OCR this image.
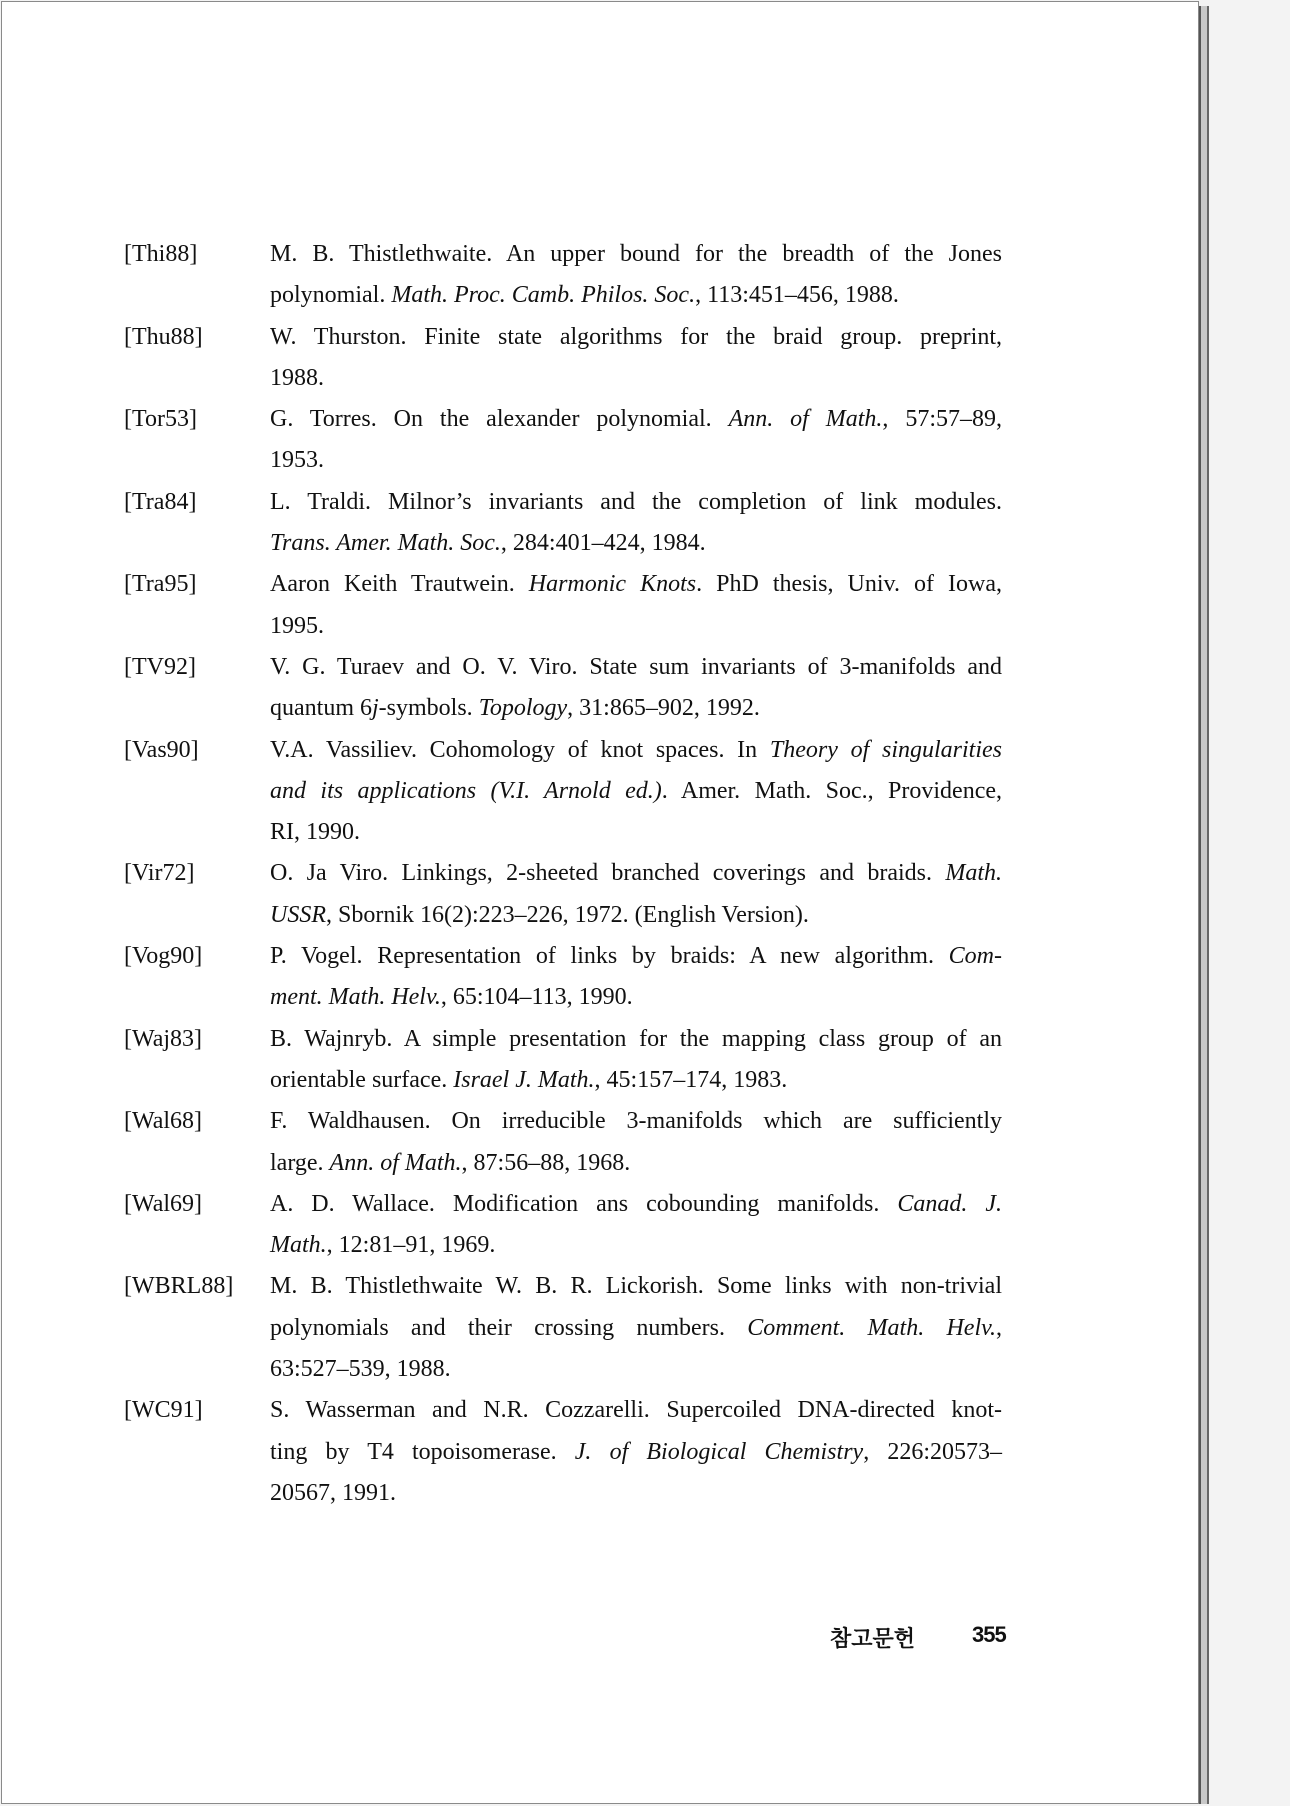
[Thi88]	M. B. Thistlethwaite. An upper bound for the breadth of the Jones
polynomial. Math. Proc. Camb. Philos. Soc., 113:451–456, 1988.
[Thu88]	W. Thurston. Finite state algorithms for the braid group. preprint,
1988.
[Tor53]	G. Torres. On the alexander polynomial. Ann. of Math., 57:57–89,
1953.
[Tra84]	L. Traldi. Milnor’s invariants and the completion of link modules.
Trans. Amer. Math. Soc., 284:401–424, 1984.
[Tra95]	Aaron Keith Trautwein. Harmonic Knots. PhD thesis, Univ. of Iowa,
1995.
[TV92]	V. G. Turaev and O. V. Viro. State sum invariants of 3-manifolds and
quantum 6j-symbols. Topology, 31:865–902, 1992.
[Vas90]	V.A. Vassiliev. Cohomology of knot spaces. In Theory of singularities
and its applications (V.I. Arnold ed.). Amer. Math. Soc., Providence,
RI, 1990.
[Vir72]	O. Ja Viro. Linkings, 2-sheeted branched coverings and braids. Math.
USSR, Sbornik 16(2):223–226, 1972. (English Version).
[Vog90]	P. Vogel. Representation of links by braids: A new algorithm. Com-
ment. Math. Helv., 65:104–113, 1990.
[Waj83]	B. Wajnryb. A simple presentation for the mapping class group of an
orientable surface. Israel J. Math., 45:157–174, 1983.
[Wal68]	F. Waldhausen. On irreducible 3-manifolds which are sufficiently
large. Ann. of Math., 87:56–88, 1968.
[Wal69]	A. D. Wallace. Modification ans cobounding manifolds. Canad. J.
Math., 12:81–91, 1969.
[WBRL88] M. B. Thistlethwaite W. B. R. Lickorish. Some links with non-trivial
polynomials and their crossing numbers. Comment. Math. Helv.,
63:527–539, 1988.
[WC91]	S. Wasserman and N.R. Cozzarelli. Supercoiled DNA-directed knot-
ting by T4 topoisomerase. J. of Biological Chemistry, 226:20573–
20567, 1991.
참고문헌	355
